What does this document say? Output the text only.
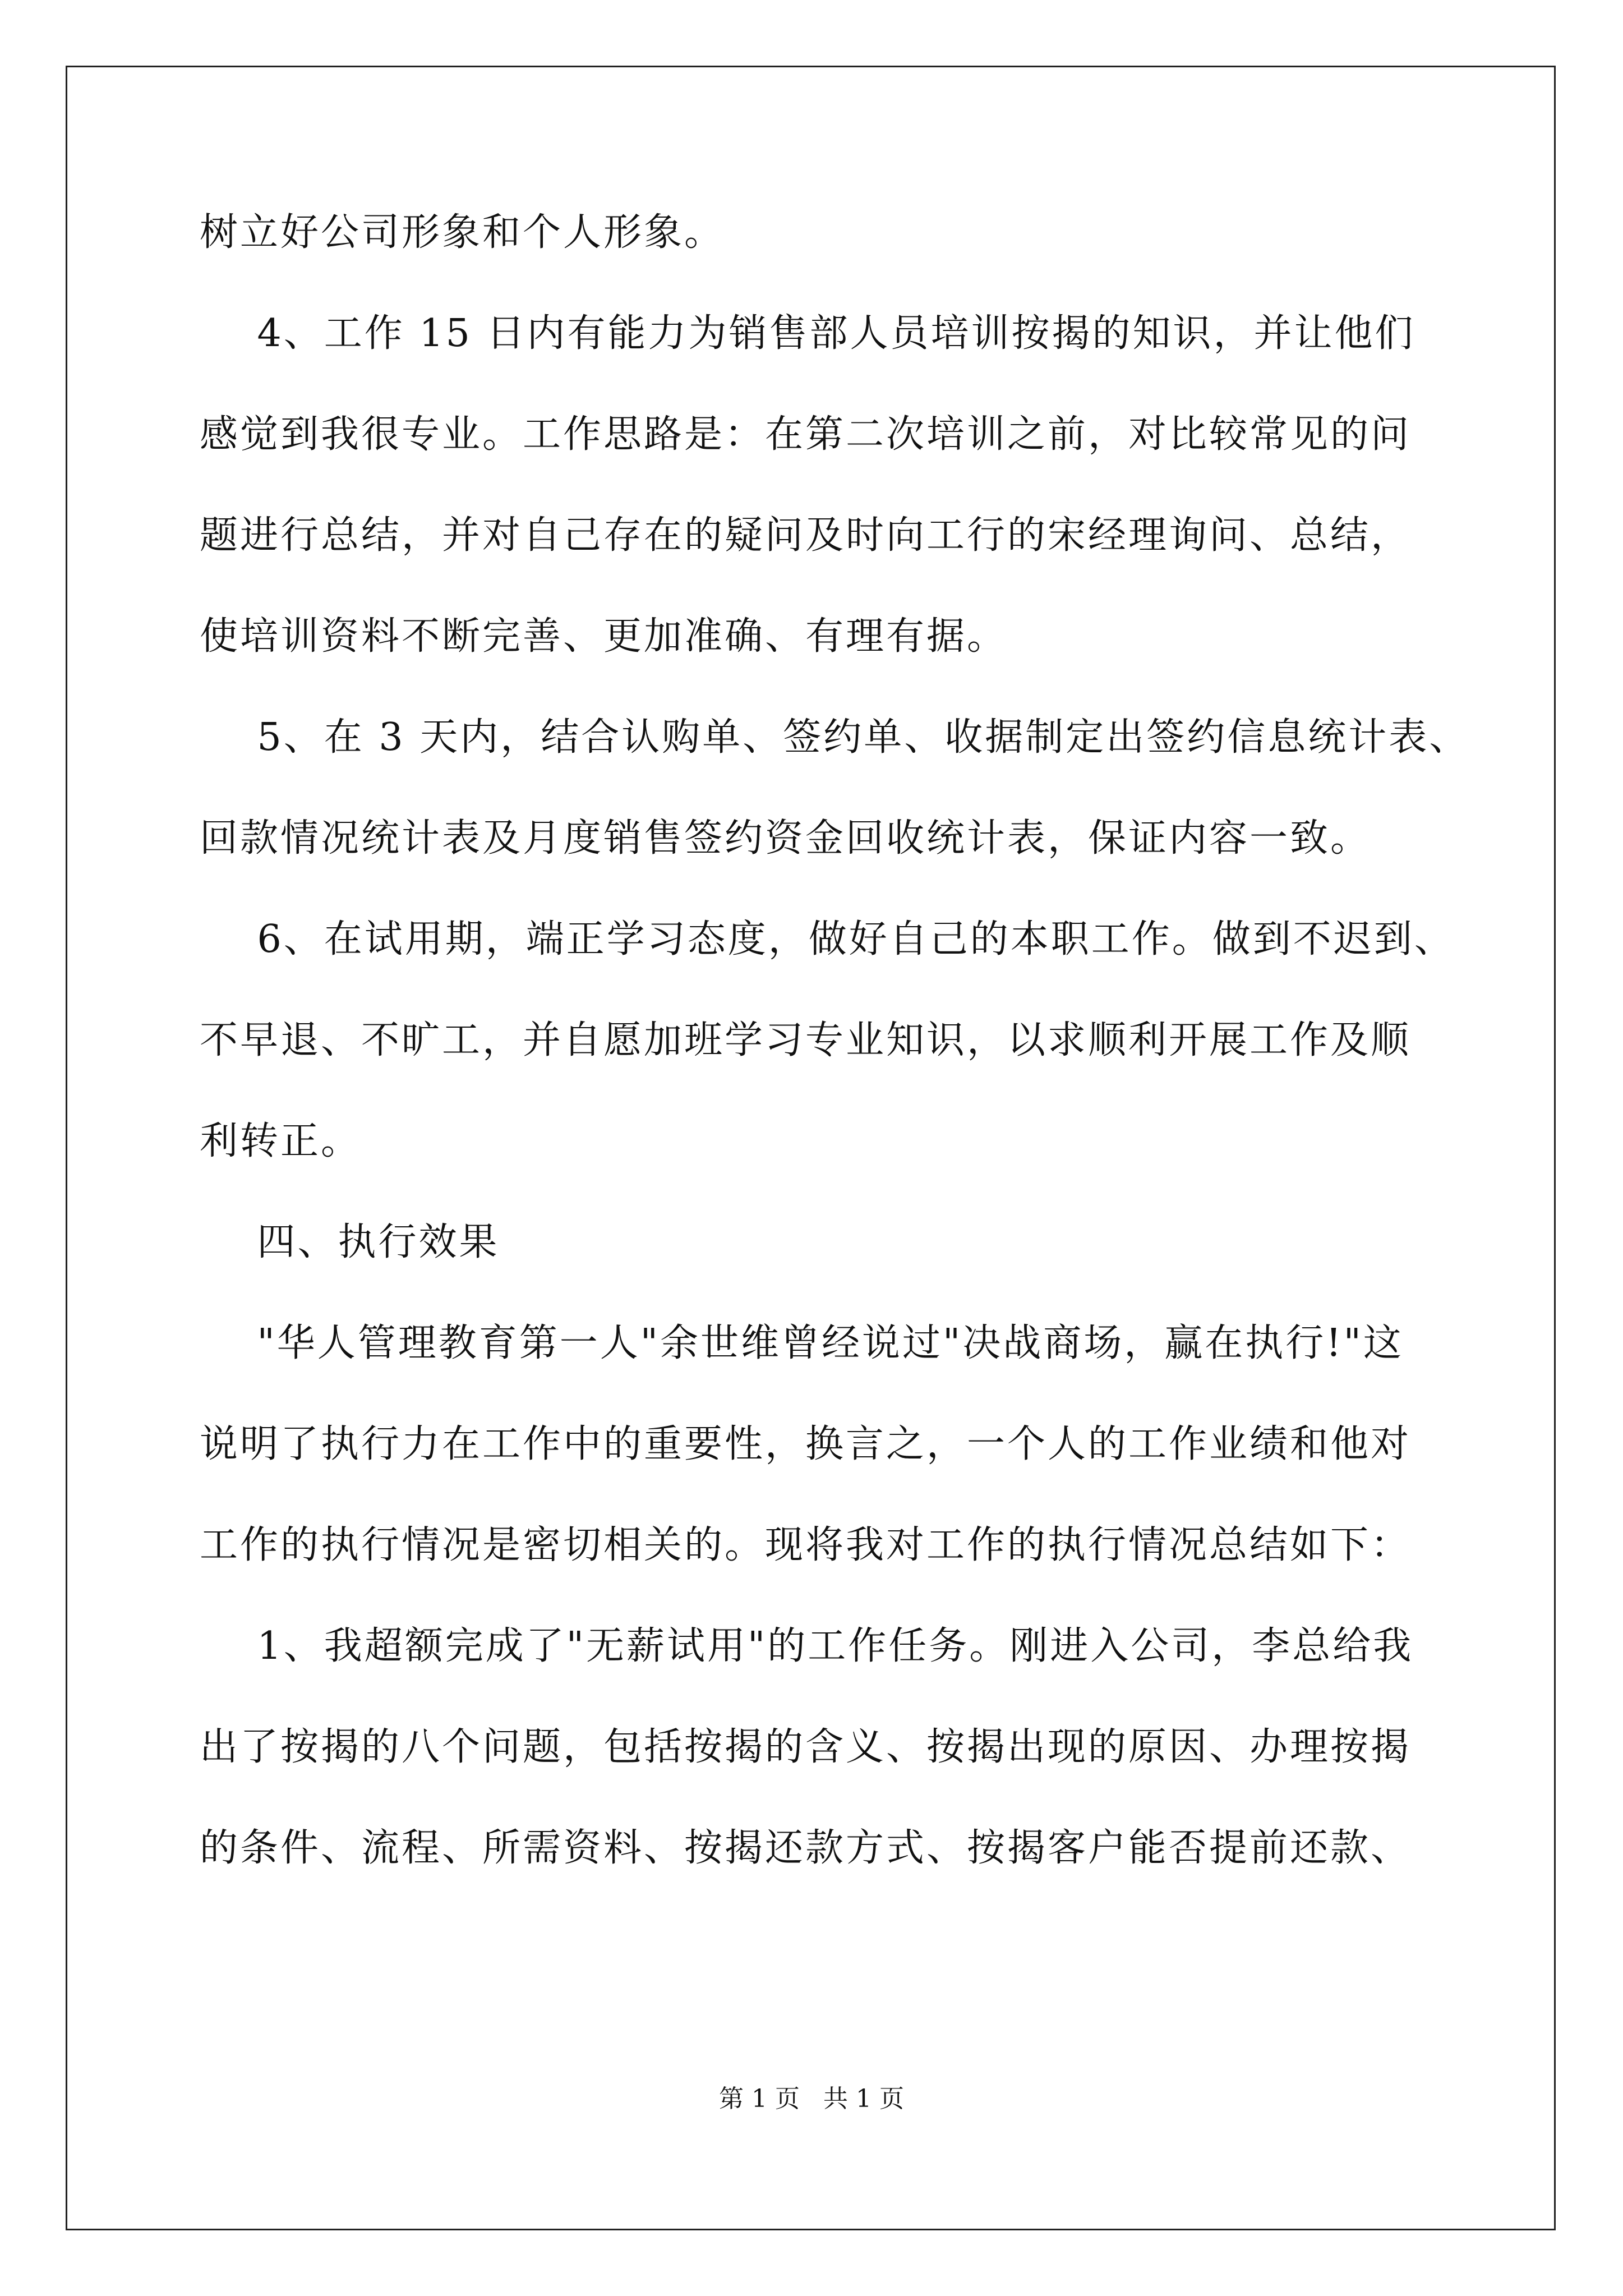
树立好公司形象和个人形象。
4、工作 15 日内有能力为销售部人员培训按揭的知识，并让他们
感觉到我很专业。工作思路是：在第二次培训之前，对比较常见的问
题进行总结，并对自己存在的疑问及时向工行的宋经理询问、总结，
使培训资料不断完善、更加准确、有理有据。
5、在 3 天内，结合认购单、签约单、收据制定出签约信息统计表、
回款情况统计表及月度销售签约资金回收统计表，保证内容一致。
6、在试用期，端正学习态度，做好自己的本职工作。做到不迟到、
不早退、不旷工，并自愿加班学习专业知识，以求顺利开展工作及顺
利转正。
四、执行效果
"华人管理教育第一人"余世维曾经说过"决战商场，赢在执行!"这
说明了执行力在工作中的重要性，换言之，一个人的工作业绩和他对
工作的执行情况是密切相关的。现将我对工作的执行情况总结如下：
1、我超额完成了"无薪试用"的工作任务。刚进入公司，李总给我
出了按揭的八个问题，包括按揭的含义、按揭出现的原因、办理按揭
的条件、流程、所需资料、按揭还款方式、按揭客户能否提前还款、
第 1 页   共 1 页
